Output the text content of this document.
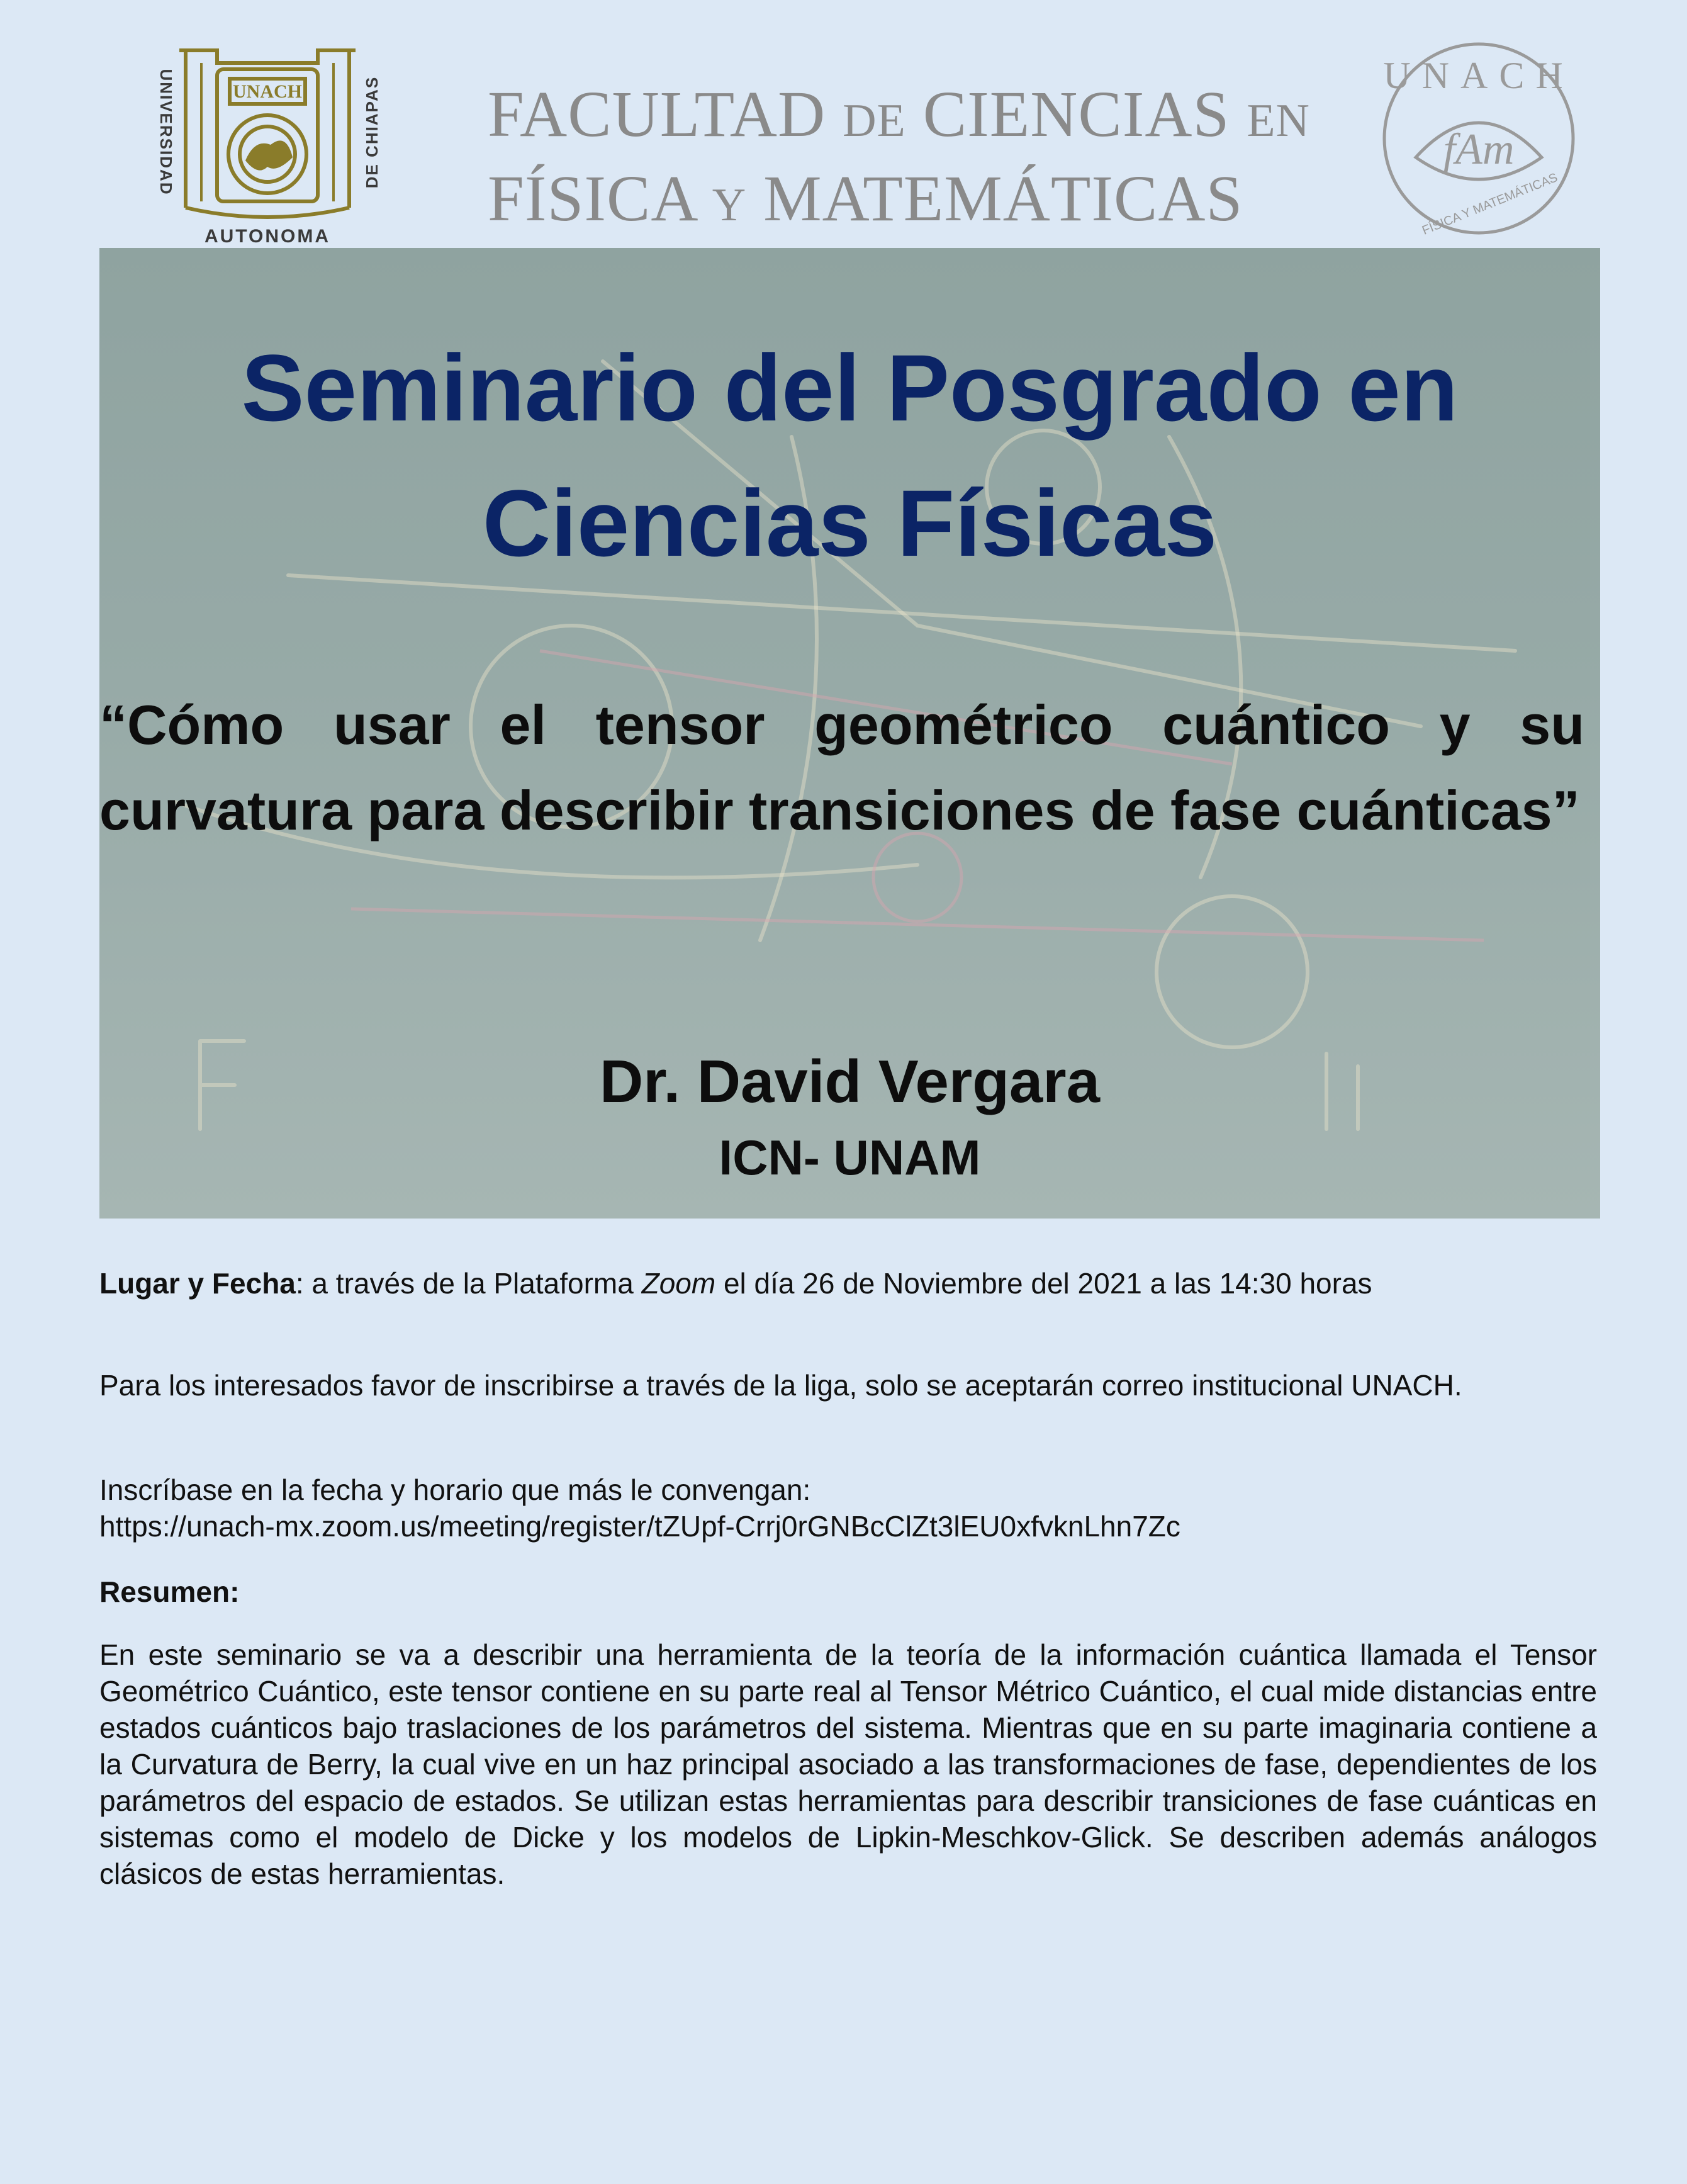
UNACH
AUTONOMA
UNIVERSIDAD	DE CHIAPAS FACULTAD DE CIENCIAS EN
FÍSICA Y MATEMÁTICAS
UNACH
fAm
FÍSICA Y MATEMÁTICAS
Seminario del Posgrado en
Ciencias Físicas
“Cómo usar el tensor geométrico cuántico y su curvatura para describir transiciones de fase cuánticas”
Dr. David Vergara
ICN- UNAM
Lugar y Fecha: a través de la Plataforma Zoom el día 26 de Noviembre del 2021 a las 14:30 horas
Para los interesados favor de inscribirse a través de la liga, solo se aceptarán correo institucional UNACH.
Inscríbase en la fecha y horario que más le convengan:
https://unach-mx.zoom.us/meeting/register/tZUpf-Crrj0rGNBcClZt3lEU0xfvknLhn7Zc
Resumen:
En este seminario se va a describir una herramienta de la teoría de la información cuántica llamada el Tensor Geométrico Cuántico, este tensor contiene en su parte real al Tensor Métrico Cuántico, el cual mide distancias entre estados cuánticos bajo traslaciones de los parámetros del sistema. Mientras que en su parte imaginaria contiene a la Curvatura de Berry, la cual vive en un haz principal asociado a las transformaciones de fase, dependientes de los parámetros del espacio de estados. Se utilizan estas herramientas para describir transiciones de fase cuánticas en sistemas como el modelo de Dicke y los modelos de Lipkin-Meschkov-Glick. Se describen además análogos clásicos de estas herramientas.
